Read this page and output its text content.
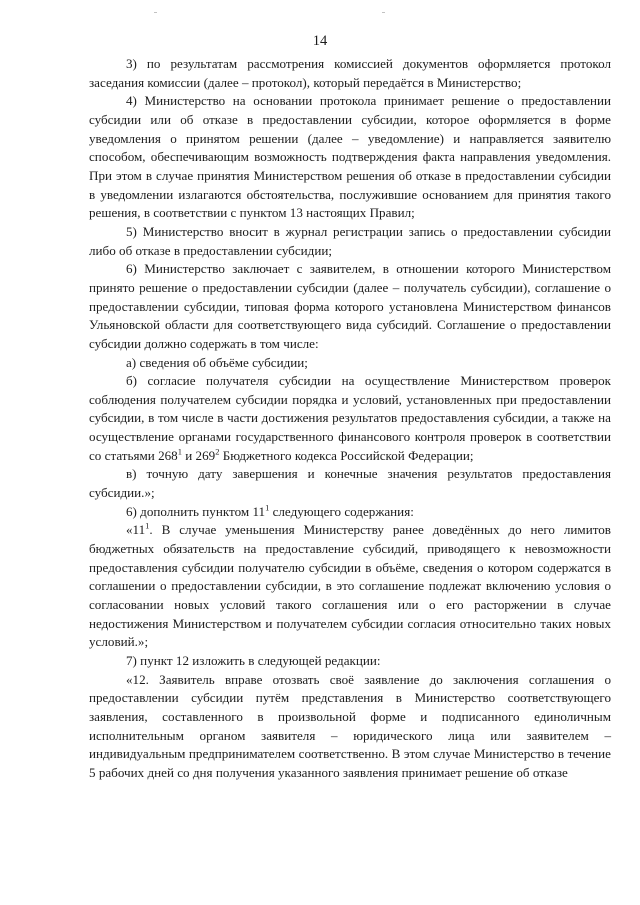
14

3) по результатам рассмотрения комиссией документов оформляется протокол заседания комиссии (далее – протокол), который передаётся в Министерство;

4) Министерство на основании протокола принимает решение о предоставлении субсидии или об отказе в предоставлении субсидии, которое оформляется в форме уведомления о принятом решении (далее – уведомление) и направляется заявителю способом, обеспечивающим возможность подтверждения факта направления уведомления. При этом в случае принятия Министерством решения об отказе в предоставлении субсидии в уведомлении излагаются обстоятельства, послужившие основанием для принятия такого решения, в соответствии с пунктом 13 настоящих Правил;

5) Министерство вносит в журнал регистрации запись о предоставлении субсидии либо об отказе в предоставлении субсидии;

6) Министерство заключает с заявителем, в отношении которого Министерством принято решение о предоставлении субсидии (далее – получатель субсидии), соглашение о предоставлении субсидии, типовая форма которого установлена Министерством финансов Ульяновской области для соответствующего вида субсидий. Соглашение о предоставлении субсидии должно содержать в том числе:

а) сведения об объёме субсидии;

б) согласие получателя субсидии на осуществление Министерством проверок соблюдения получателем субсидии порядка и условий, установленных при предоставлении субсидии, в том числе в части достижения результатов предоставления субсидии, а также на осуществление органами государственного финансового контроля проверок в соответствии со статьями $268^1$ и $269^2$ Бюджетного кодекса Российской Федерации;

в) точную дату завершения и конечные значения результатов предоставления субсидии.»;

6) дополнить пунктом $11^1$ следующего содержания:

«$11^1$. В случае уменьшения Министерству ранее доведённых до него лимитов бюджетных обязательств на предоставление субсидий, приводящего к невозможности предоставления субсидии получателю субсидии в объёме, сведения о котором содержатся в соглашении о предоставлении субсидии, в это соглашение подлежат включению условия о согласовании новых условий такого соглашения или о его расторжении в случае недостижения Министерством и получателем субсидии согласия относительно таких новых условий.»;

7) пункт 12 изложить в следующей редакции:

«12. Заявитель вправе отозвать своё заявление до заключения соглашения о предоставлении субсидии путём представления в Министерство соответствующего заявления, составленного в произвольной форме и подписанного единоличным исполнительным органом заявителя – юридического лица или заявителем – индивидуальным предпринимателем соответственно. В этом случае Министерство в течение 5 рабочих дней со дня получения указанного заявления принимает решение об отказе
